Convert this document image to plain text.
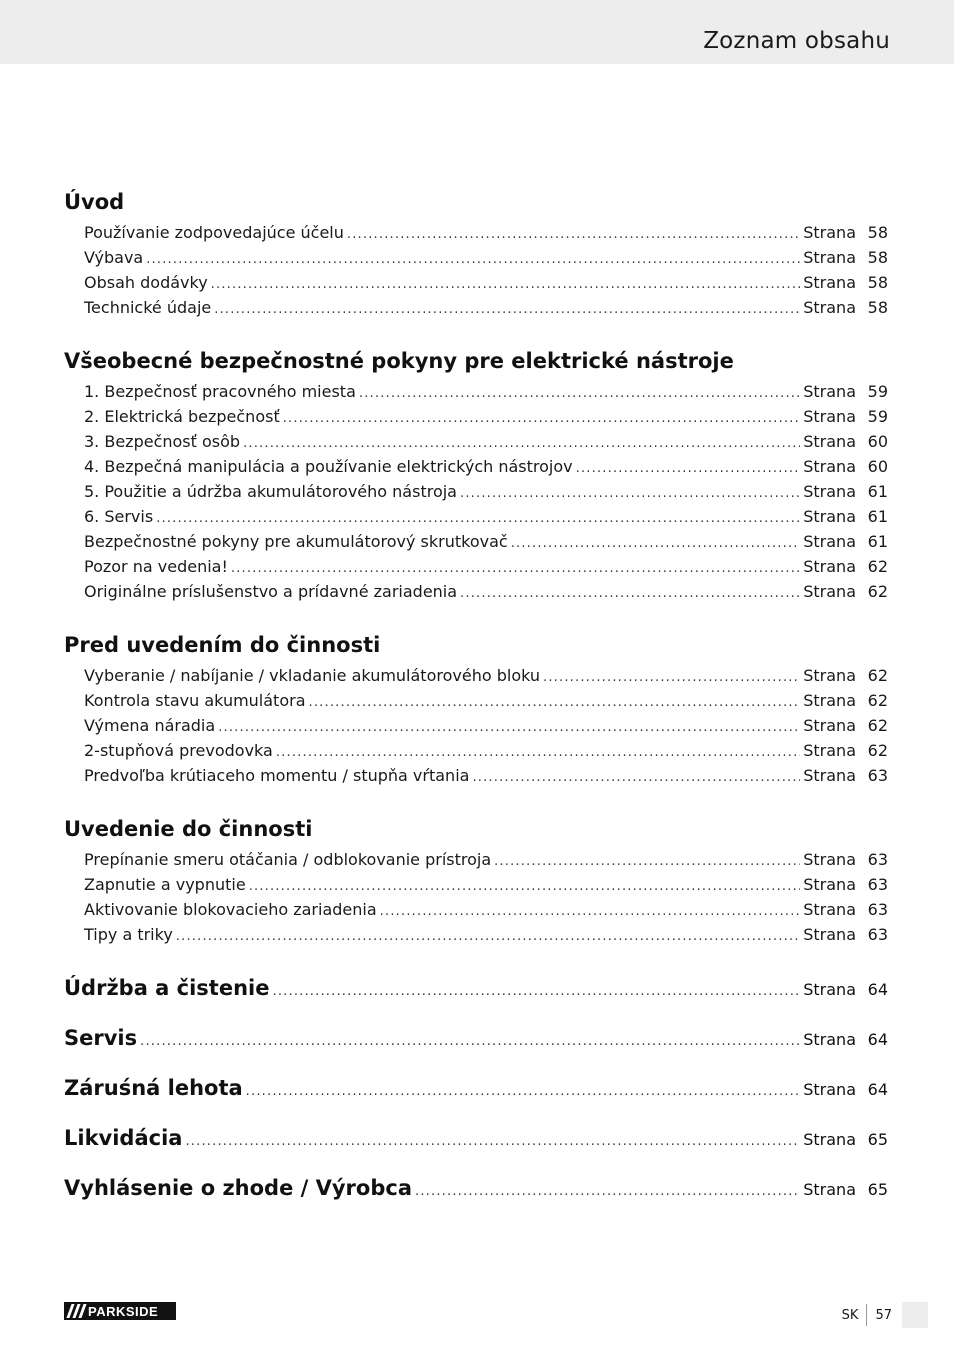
Zoznam obsahu
Úvod
Používanie zodpovedajúce účelu .....	Strana 58
Výbava .....	Strana 58
Obsah dodávky .....	Strana 58
Technické údaje .....	Strana 58
Všeobecné bezpečnostné pokyny pre elektrické nástroje
1. Bezpečnosť pracovného miesta .....	Strana 59
2. Elektrická bezpečnosť .....	Strana 59
3. Bezpečnosť osôb .....	Strana 60
4. Bezpečná manipulácia a používanie elektrických nástrojov .....	Strana 60
5. Použitie a údržba akumulátorového nástroja .....	Strana 61
6. Servis .....	Strana 61
Bezpečnostné pokyny pre akumulátorový skrutkovač .....	Strana 61
Pozor na vedenia! .....	Strana 62
Originálne príslušenstvo a prídavné zariadenia .....	Strana 62
Pred uvedením do činnosti
Vyberanie / nabíjanie / vkladanie akumulátorového bloku .....	Strana 62
Kontrola stavu akumulátora .....	Strana 62
Výmena náradia .....	Strana 62
2-stupňová prevodovka .....	Strana 62
Predvoľba krútiaceho momentu / stupňa vŕtania .....	Strana 63
Uvedenie do činnosti
Prepínanie smeru otáčania / odblokovanie prístroja .....	Strana 63
Zapnutie a vypnutie .....	Strana 63
Aktivovanie blokovacieho zariadenia .....	Strana 63
Tipy a triky .....	Strana 63
Údržba a čistenie .....	Strana 64
Servis .....	Strana 64
Záruśná lehota .....	Strana 64
Likvidácia .....	Strana 65
Vyhlásenie o zhode / Výrobca .....	Strana 65
PARKSIDE	SK	57
